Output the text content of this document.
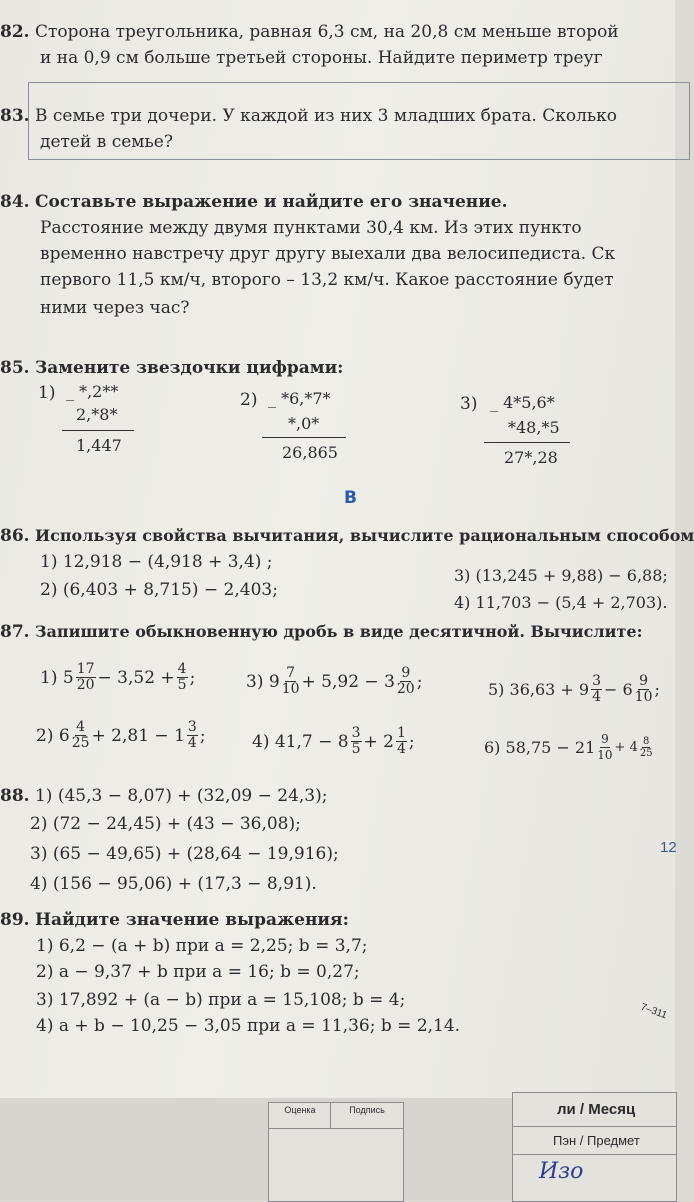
82. Сторона треугольника, равная 6,3 см, на 20,8 см меньше второй
и на 0,9 см больше третьей стороны. Найдите периметр треуг
83. В семье три дочери. У каждой из них 3 младших брата. Сколько
детей в семье?
84. Составьте выражение и найдите его значение.
Расстояние между двумя пунктами 30,4 км. Из этих пункто
временно навстречу друг другу выехали два велосипедиста. Ск
первого 11,5 км/ч, второго – 13,2 км/ч. Какое расстояние будет
ними через час?
85. Замените звездочки цифрами:
1) _ *,2**
2,*8*
1,447
2) _ *6,*7*
*,0*
26,865
3) _ 4*5,6*
*48,*5
27*,28
В
86. Используя свойства вычитания, вычислите рациональным способом
1) 12,918 − (4,918 + 3,4) ;
2) (6,403 + 8,715) − 2,403;
3) (13,245 + 9,88) − 6,88;
4) 11,703 − (5,4 + 2,703).
87. Запишите обыкновенную дробь в виде десятичной. Вычислите:
1)
$5 \frac{17}{20} - 3,52 + \frac{4}{5}$ ;	3)
$9 \frac{7}{10} + 5,92 - 3 \frac{9}{20}$ ;	5)
$36,63 + 9 \frac{3}{4} - 6 \frac{9}{10}$ ;
2)
$6 \frac{4}{25} + 2,81 - 1 \frac{3}{4}$ ;	4)
$41,7 - 8 \frac{3}{5} + 2 \frac{1}{4}$ ;	6)
$58,75 - 21 \frac{9}{10} + 4 \frac{8}{25}$
88. 1) (45,3 − 8,07) + (32,09 − 24,3);
2) (72 − 24,45) + (43 − 36,08);
3) (65 − 49,65) + (28,64 − 19,916);
4) (156 − 95,06) + (17,3 − 8,91).
89. Найдите значение выражения:
1) 6,2 − (a + b) при a = 2,25; b = 3,7;
2) a − 9,37 + b при a = 16; b = 0,27;
3) 17,892 + (a − b) при a = 15,108; b = 4;
4) a + b − 10,25 − 3,05 при a = 11,36; b = 2,14.
12
7–311
Оценка	Подпись	ли / Месяц
Пэн / Предмет
Изо
